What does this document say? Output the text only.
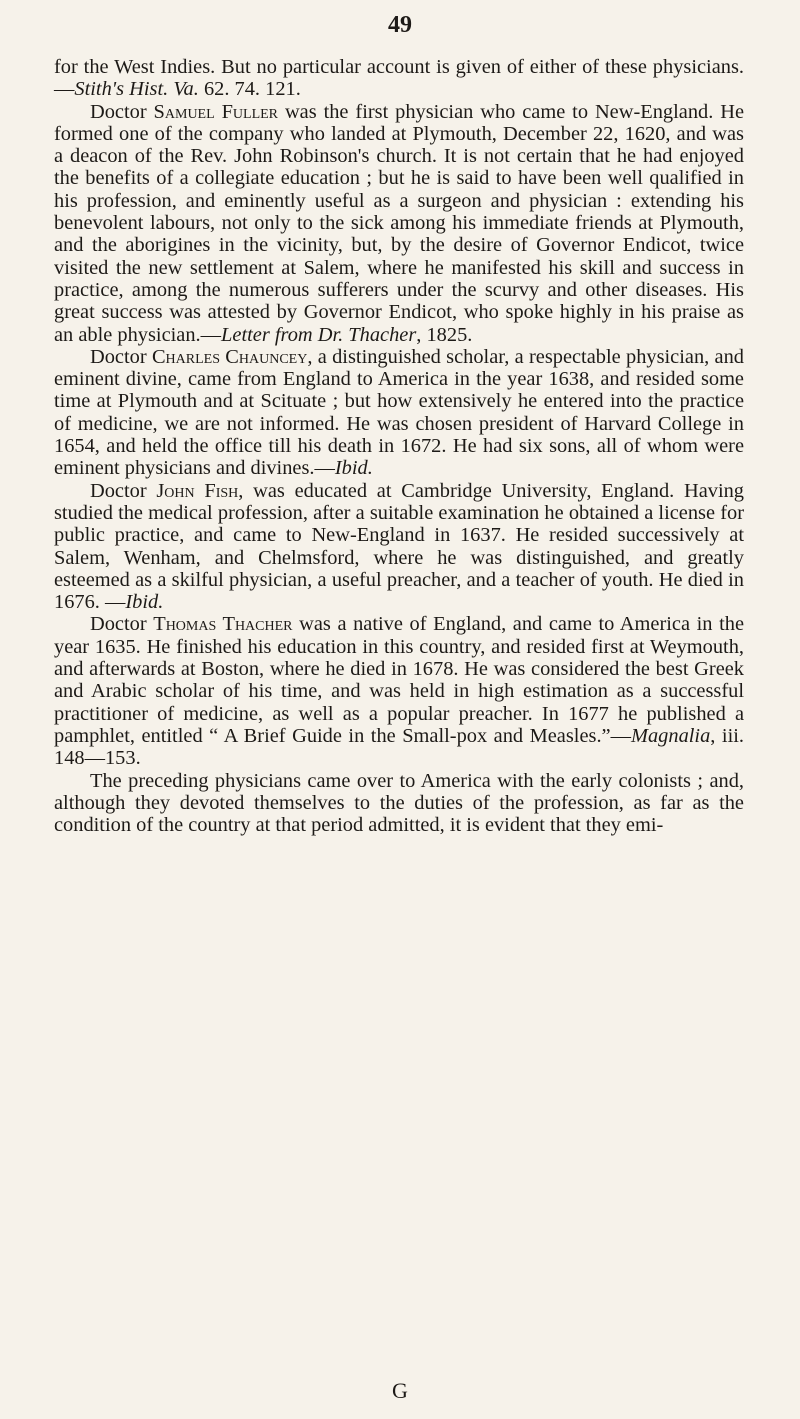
49

for the West Indies. But no particular account is given of either of these physicians.—Stith's Hist. Va. 62. 74. 121.

Doctor Samuel Fuller was the first physician who came to New-England. He formed one of the company who landed at Plymouth, December 22, 1620, and was a deacon of the Rev. John Robinson's church. It is not certain that he had enjoyed the benefits of a collegiate education ; but he is said to have been well qualified in his profession, and eminently useful as a surgeon and physician : extending his benevolent labours, not only to the sick among his immediate friends at Plymouth, and the aborigines in the vicinity, but, by the desire of Governor Endicot, twice visited the new settlement at Salem, where he manifested his skill and success in practice, among the numerous sufferers under the scurvy and other diseases. His great success was attested by Governor Endicot, who spoke highly in his praise as an able physician.—Letter from Dr. Thacher, 1825.

Doctor Charles Chauncey, a distinguished scholar, a respectable physician, and eminent divine, came from England to America in the year 1638, and resided some time at Plymouth and at Scituate ; but how extensively he entered into the practice of medicine, we are not informed. He was chosen president of Harvard College in 1654, and held the office till his death in 1672. He had six sons, all of whom were eminent physicians and divines.—Ibid.

Doctor John Fish, was educated at Cambridge University, England. Having studied the medical profession, after a suitable examination he obtained a license for public practice, and came to New-England in 1637. He resided successively at Salem, Wenham, and Chelmsford, where he was distinguished, and greatly esteemed as a skilful physician, a useful preacher, and a teacher of youth. He died in 1676. —Ibid.

Doctor Thomas Thacher was a native of England, and came to America in the year 1635. He finished his education in this country, and resided first at Weymouth, and afterwards at Boston, where he died in 1678. He was considered the best Greek and Arabic scholar of his time, and was held in high estimation as a successful practitioner of medicine, as well as a popular preacher. In 1677 he published a pamphlet, entitled “ A Brief Guide in the Small-pox and Measles.”—Magnalia, iii. 148—153.

The preceding physicians came over to America with the early colonists ; and, although they devoted themselves to the duties of the profession, as far as the condition of the country at that period admitted, it is evident that they emi-

G
